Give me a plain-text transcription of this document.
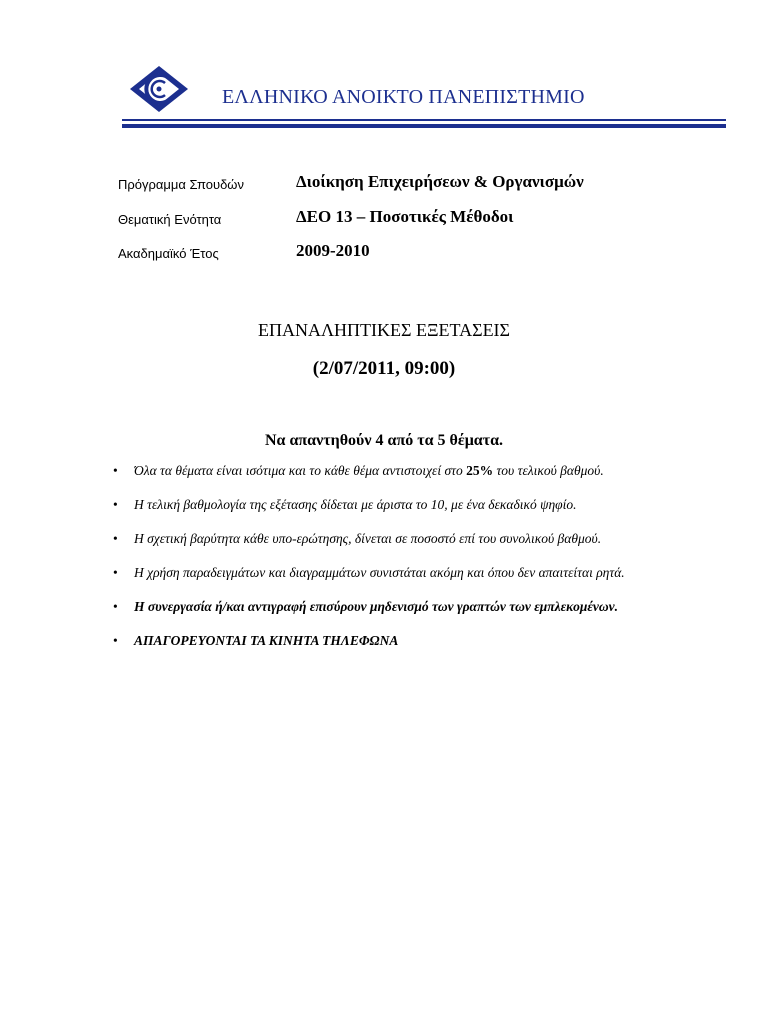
ΕΛΛΗΝΙΚΟ ΑΝΟΙΚΤΟ ΠΑΝΕΠΙΣΤΗΜΙΟ
Πρόγραμμα Σπουδών	Διοίκηση Επιχειρήσεων & Οργανισμών
Θεματική Ενότητα	ΔΕΟ 13 – Ποσοτικές Μέθοδοι
Ακαδημαϊκό Έτος	2009-2010
ΕΠΑΝΑΛΗΠΤΙΚΕΣ ΕΞΕΤΑΣΕΙΣ
(2/07/2011, 09:00)
Να απαντηθούν 4 από τα 5 θέματα.
• Όλα τα θέματα είναι ισότιμα και το κάθε θέμα αντιστοιχεί στο 25% του τελικού βαθμού.
• Η τελική βαθμολογία της εξέτασης δίδεται με άριστα το 10, με ένα δεκαδικό ψηφίο.
• Η σχετική βαρύτητα κάθε υπο-ερώτησης, δίνεται σε ποσοστό επί του συνολικού βαθμού.
• Η χρήση παραδειγμάτων και διαγραμμάτων συνιστάται ακόμη και όπου δεν απαιτείται ρητά.
• Η συνεργασία ή/και αντιγραφή επισύρουν μηδενισμό των γραπτών των εμπλεκομένων.
• ΑΠΑΓΟΡΕΥΟΝΤΑΙ ΤΑ ΚΙΝΗΤΑ ΤΗΛΕΦΩΝΑ
